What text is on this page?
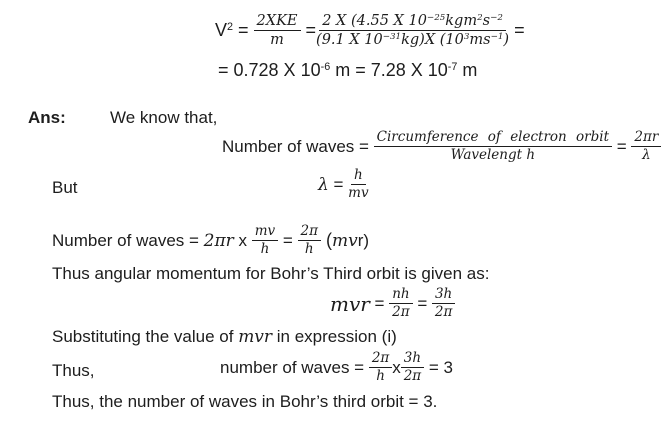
$V^2 = \frac{\text{2XKE}}{m} = \frac{2 X (4.55 X 10^{-25}kgm^2s^{-2}}{(9.1 X 10^{-31}kg)X (10^3ms^{-1})}$ =
= 0.728 X $10^{-6}$ m = 7.28 X $10^{-7}$ m
Ans:	We know that,
Number of waves = $\frac{\text{Circumference of electron orbit}}{\text{Wavelengt h}} = \frac{2\pi r}{\lambda}$
But	$\lambda = \frac{h}{mv}$
Number of waves = 2πr x $\frac{mv}{h} = \frac{2\pi}{h}$ ( mv r)
Thus angular momentum for Bohr’s Third orbit is given as:
mvr = $\frac{nh}{2\pi} = \frac{3h}{2\pi}$
Substituting the value of mvr in expression (i)
Thus,	number of waves = $\frac{2\pi}{h}$ x $\frac{3h}{2\pi} = 3$
Thus, the number of waves in Bohr’s third orbit = 3.
